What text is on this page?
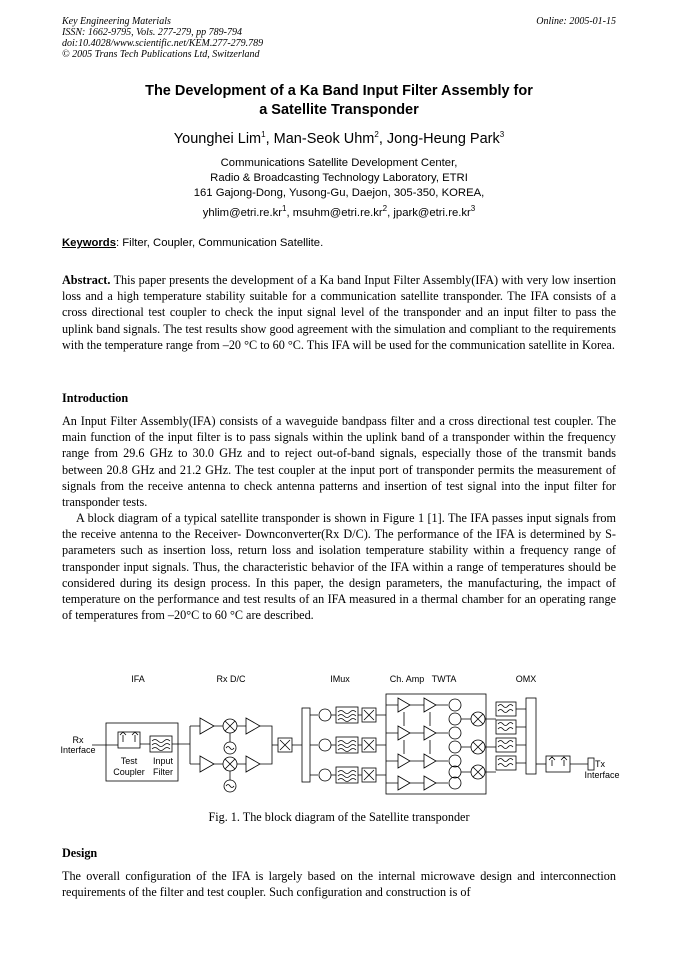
Key Engineering Materials
ISSN: 1662-9795, Vols. 277-279, pp 789-794
doi:10.4028/www.scientific.net/KEM.277-279.789
© 2005 Trans Tech Publications Ltd, Switzerland
Online: 2005-01-15
The Development of a Ka Band Input Filter Assembly for
a Satellite Transponder
Younghei Lim$^1$, Man-Seok Uhm$^2$, Jong-Heung Park$^3$
Communications Satellite Development Center,
Radio & Broadcasting Technology Laboratory, ETRI
161 Gajong-Dong, Yusong-Gu, Daejon, 305-350, KOREA,
$yhlim@etri.re.kr^1$, $msuhm@etri.re.kr^2$, $jpark@etri.re.kr^3$
Keywords: Filter, Coupler, Communication Satellite.
Abstract. This paper presents the development of a Ka band Input Filter Assembly(IFA) with very low insertion loss and a high temperature stability suitable for a communication satellite transponder. The IFA consists of a cross directional test coupler to check the input signal level of the transponder and an input filter to pass the uplink band signals. The test results show good agreement with the simulation and compliant to the requirements with the temperature range from –20 °C to 60 °C. This IFA will be used for the communication satellite in Korea.
Introduction
An Input Filter Assembly(IFA) consists of a waveguide bandpass filter and a cross directional test coupler. The main function of the input filter is to pass signals within the uplink band of a transponder within the frequency range from 29.6 GHz to 30.0 GHz and to reject out-of-band signals, especially those of the transmit bands between 20.8 GHz and 21.2 GHz. The test coupler at the input port of transponder permits the measurement of signals from the receive antenna to check antenna patterns and insertion of test signal into the input filter for transponder tests.
A block diagram of a typical satellite transponder is shown in Figure 1 [1]. The IFA passes input signals from the receive antenna to the Receiver- Downconverter(Rx D/C). The performance of the IFA is determined by S-parameters such as insertion loss, return loss and isolation temperature stability within a frequency range of transponder input signals. Thus, the characteristic behavior of the IFA within a range of temperatures should be considered during its design process. In this paper, the design parameters, the manufacturing, the impact of temperature on the performance and test results of an IFA measured in a thermal chamber for an operating range of temperatures from –20°C to 60 °C are described.
IFA	Rx D/C	IMux	Ch. Amp TWTA	OMX
Rx
Interface
Tx
Interface
Test
Coupler
Input
Filter
Fig. 1. The block diagram of the Satellite transponder
Design
The overall configuration of the IFA is largely based on the internal microwave design and interconnection requirements of the filter and test coupler. Such configuration and construction is of
